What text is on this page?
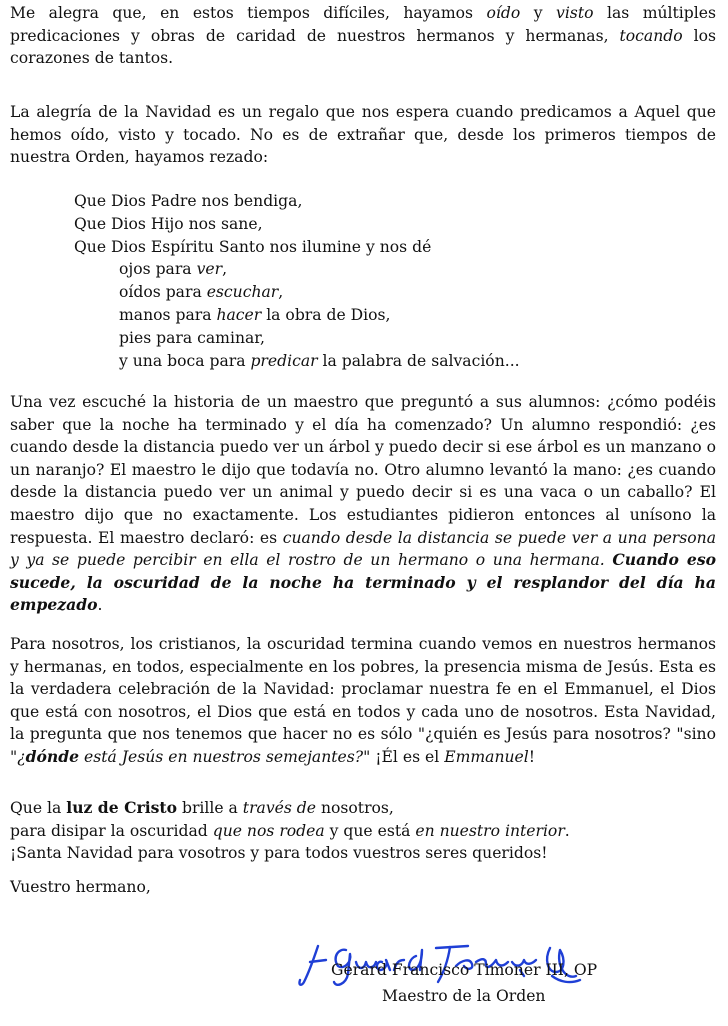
Me alegra que, en estos tiempos difíciles, hayamos oído y visto las múltiples predicaciones y obras de caridad de nuestros hermanos y hermanas, tocando los corazones de tantos.

La alegría de la Navidad es un regalo que nos espera cuando predicamos a Aquel que hemos oído, visto y tocado. No es de extrañar que, desde los primeros tiempos de nuestra Orden, hayamos rezado:

Que Dios Padre nos bendiga,
Que Dios Hijo nos sane,
Que Dios Espíritu Santo nos ilumine y nos dé
ojos para ver,
oídos para escuchar,
manos para hacer la obra de Dios,
pies para caminar,
y una boca para predicar la palabra de salvación...

Una vez escuché la historia de un maestro que preguntó a sus alumnos: ¿cómo podéis saber que la noche ha terminado y el día ha comenzado? Un alumno respondió: ¿es cuando desde la distancia puedo ver un árbol y puedo decir si ese árbol es un manzano o un naranjo? El maestro le dijo que todavía no. Otro alumno levantó la mano: ¿es cuando desde la distancia puedo ver un animal y puedo decir si es una vaca o un caballo? El maestro dijo que no exactamente. Los estudiantes pidieron entonces al unísono la respuesta. El maestro declaró: es cuando desde la distancia se puede ver a una persona y ya se puede percibir en ella el rostro de un hermano o una hermana. Cuando eso sucede, la oscuridad de la noche ha terminado y el resplandor del día ha empezado.

Para nosotros, los cristianos, la oscuridad termina cuando vemos en nuestros hermanos y hermanas, en todos, especialmente en los pobres, la presencia misma de Jesús. Esta es la verdadera celebración de la Navidad: proclamar nuestra fe en el Emmanuel, el Dios que está con nosotros, el Dios que está en todos y cada uno de nosotros. Esta Navidad, la pregunta que nos tenemos que hacer no es sólo "¿quién es Jesús para nosotros? "sino "¿dónde está Jesús en nuestros semejantes?" ¡Él es el Emmanuel!

Que la luz de Cristo brille a través de nosotros,
para disipar la oscuridad que nos rodea y que está en nuestro interior.
¡Santa Navidad para vosotros y para todos vuestros seres queridos!
Vuestro hermano,
Gerard Francisco Timoner III, OP
Maestro de la Orden
